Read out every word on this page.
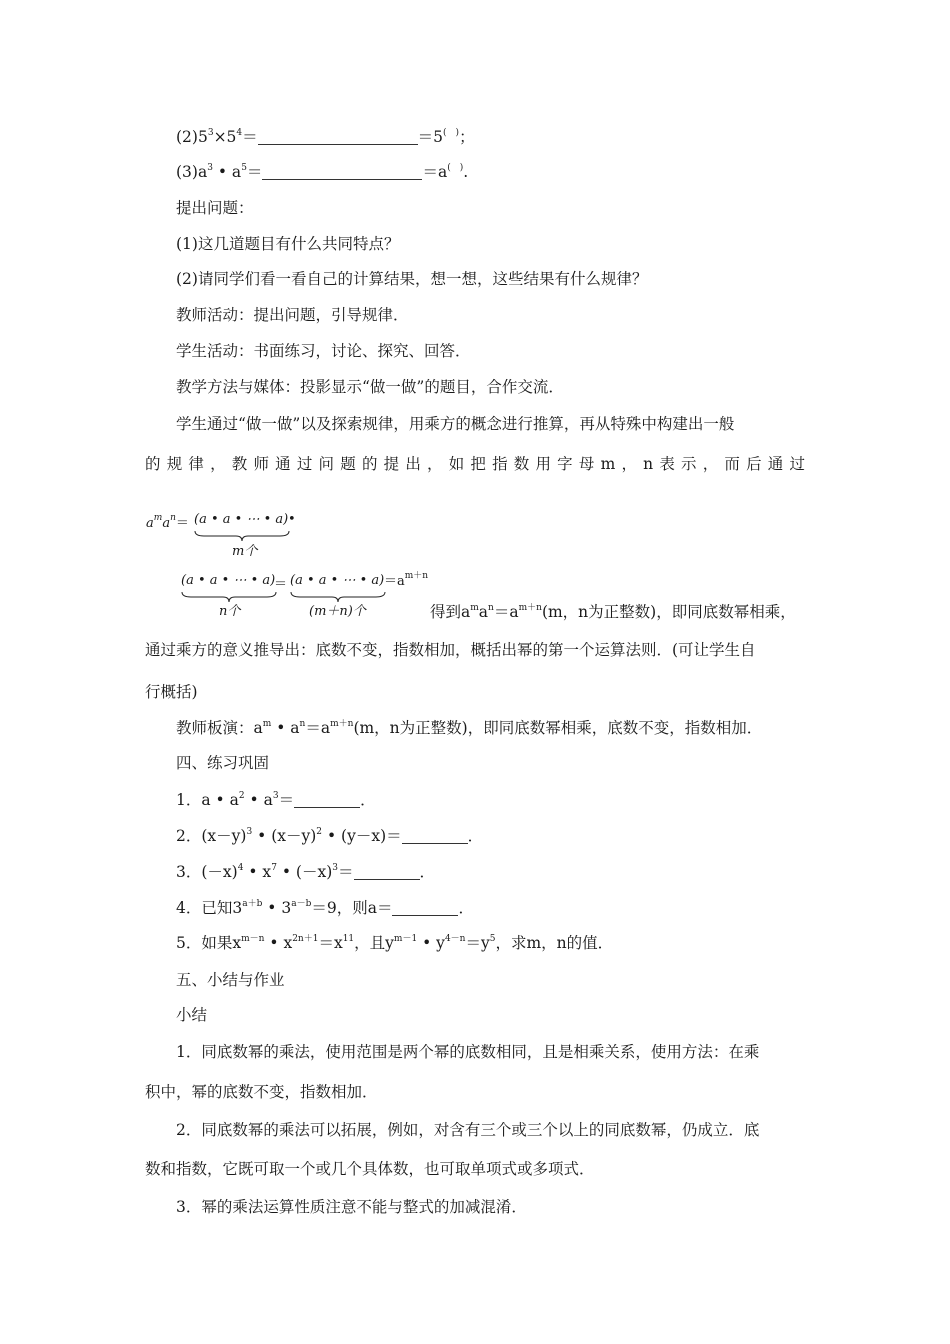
$(2)5^3\times 5^4=$	＝5(　)；
$(3)a^3$ • $a^5=$	＝a(　).
提出问题：
(1)这几道题目有什么共同特点？
(2)请同学们看一看自己的计算结果，想一想，这些结果有什么规律？
教师活动：提出问题，引导规律．
学生活动：书面练习，讨论、探究、回答．
教学方法与媒体：投影显示“做一做”的题目，合作交流．
学生通过“做一做”以及探索规律，用乘方的概念进行推算，再从特殊中构建出一般
的规律，教师通过问题的提出，如把指数用字母m，n表示，而后通过
$a^ma^n= (a$ • a • ⋯ • a) •
m个
(a • a • ⋯ • a)
＝ (a • a • ⋯ • $a) =a^{m+n}$
n个	(m＋n)个	得到$a^ma^n=a^{m+n}(m$，n为正整数)，即同底数幂相乘，
通过乘方的意义推导出：底数不变，指数相加，概括出幂的第一个运算法则．(可让学生自
行概括)
教师板演：$a^m$ • $a^n=a^{m+n}(m$，n为正整数)，即同底数幂相乘，底数不变，指数相加．
四、练习巩固
1．a • $a^2$ • $a^3=$	．
2．$(x-y)^3$ • $(x-y)^2$ • (y－x)＝	．
3．$(-x)^4$ • $x^7$ • $(-x)^3=$	．
4．已知$3^{a+b}$ • $3^{a-b}=9$，则a＝	．
5．如果$x^{m-n}$ • $x^{2n+1}=x^{11}$，且$y^{m-1}$ • $y^{4-n}=y^5$，求m，n的值．
五、小结与作业
小结
1．同底数幂的乘法，使用范围是两个幂的底数相同，且是相乘关系，使用方法：在乘
积中，幂的底数不变，指数相加．
2．同底数幂的乘法可以拓展，例如，对含有三个或三个以上的同底数幂，仍成立．底
数和指数，它既可取一个或几个具体数，也可取单项式或多项式．
3．幂的乘法运算性质注意不能与整式的加减混淆．
